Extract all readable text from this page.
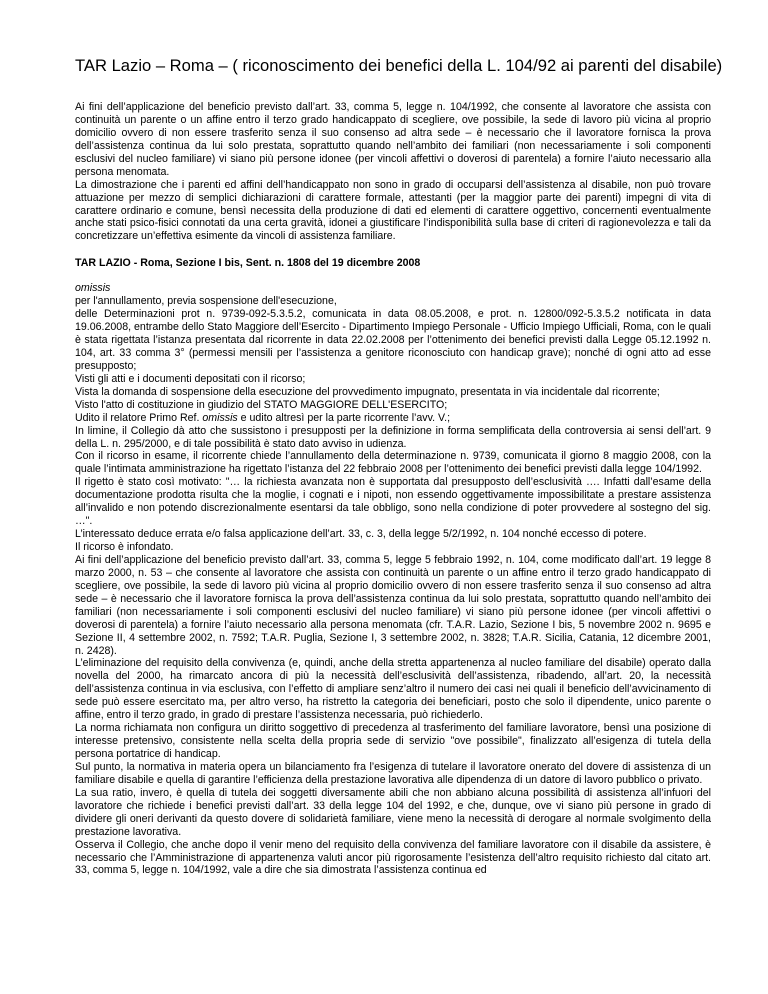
TAR Lazio – Roma – ( riconoscimento dei benefici della L. 104/92 ai parenti del disabile)

Ai fini dell’applicazione del beneficio previsto dall’art. 33, comma 5, legge n. 104/1992, che consente al lavoratore che assista con continuità un parente o un affine entro il terzo grado handicappato di scegliere, ove possibile, la sede di lavoro più vicina al proprio domicilio ovvero di non essere trasferito senza il suo consenso ad altra sede – è necessario che il lavoratore fornisca la prova dell’assistenza continua da lui solo prestata, soprattutto quando nell’ambito dei familiari (non necessariamente i soli componenti esclusivi del nucleo familiare) vi siano più persone idonee (per vincoli affettivi o doverosi di parentela) a fornire l’aiuto necessario alla persona menomata.

La dimostrazione che i parenti ed affini dell’handicappato non sono in grado di occuparsi dell’assistenza al disabile, non può trovare attuazione per mezzo di semplici dichiarazioni di carattere formale, attestanti (per la maggior parte dei parenti) impegni di vita di carattere ordinario e comune, bensì necessita della produzione di dati ed elementi di carattere oggettivo, concernenti eventualmente anche stati psico-fisici connotati da una certa gravità, idonei a giustificare l’indisponibilità sulla base di criteri di ragionevolezza e tali da concretizzare un’effettiva esimente da vincoli di assistenza familiare.

TAR LAZIO - Roma, Sezione I bis, Sent. n. 1808 del 19 dicembre 2008

omissis

per l'annullamento, previa sospensione dell'esecuzione,

delle Determinazioni prot n. 9739-092-5.3.5.2, comunicata in data 08.05.2008, e prot. n. 12800/092-5.3.5.2 notificata in data 19.06.2008, entrambe dello Stato Maggiore dell’Esercito - Dipartimento Impiego Personale - Ufficio Impiego Ufficiali, Roma, con le quali è stata rigettata l’istanza presentata dal ricorrente in data 22.02.2008 per l’ottenimento dei benefici previsti dalla Legge 05.12.1992 n. 104, art. 33 comma 3° (permessi mensili per l’assistenza a genitore riconosciuto con handicap grave); nonché di ogni atto ad esse presupposto;

Visti gli atti e i documenti depositati con il ricorso;

Vista la domanda di sospensione della esecuzione del provvedimento impugnato, presentata in via incidentale dal ricorrente;

Visto l'atto di costituzione in giudizio del STATO MAGGIORE DELL'ESERCITO;

Udito il relatore Primo Ref. omissis e udito altresì per la parte ricorrente l’avv. V.;

In limine, il Collegio dà atto che sussistono i presupposti per la definizione in forma semplificata della controversia ai sensi dell’art. 9 della L. n. 295/2000, e di tale possibilità è stato dato avviso in udienza.

Con il ricorso in esame, il ricorrente chiede l’annullamento della determinazione n. 9739, comunicata il giorno 8 maggio 2008, con la quale l’intimata amministrazione ha rigettato l’istanza del 22 febbraio 2008 per l’ottenimento dei benefici previsti dalla legge 104/1992.

Il rigetto è stato così motivato: "… la richiesta avanzata non è supportata dal presupposto dell’esclusività …. Infatti dall’esame della documentazione prodotta risulta che la moglie, i cognati e i nipoti, non essendo oggettivamente impossibilitate a prestare assistenza all’invalido e non potendo discrezionalmente esentarsi da tale obbligo, sono nella condizione di poter provvedere al sostegno del sig. …".

L’interessato deduce errata e/o falsa applicazione dell’art. 33, c. 3, della legge 5/2/1992, n. 104 nonché eccesso di potere.

Il ricorso è infondato.

Ai fini dell’applicazione del beneficio previsto dall’art. 33, comma 5, legge 5 febbraio 1992, n. 104, come modificato dall’art. 19 legge 8 marzo 2000, n. 53 – che consente al lavoratore che assista con continuità un parente o un affine entro il terzo grado handicappato di scegliere, ove possibile, la sede di lavoro più vicina al proprio domicilio ovvero di non essere trasferito senza il suo consenso ad altra sede – è necessario che il lavoratore fornisca la prova dell’assistenza continua da lui solo prestata, soprattutto quando nell’ambito dei familiari (non necessariamente i soli componenti esclusivi del nucleo familiare) vi siano più persone idonee (per vincoli affettivi o doverosi di parentela) a fornire l’aiuto necessario alla persona menomata (cfr. T.A.R. Lazio, Sezione I bis, 5 novembre 2002 n. 9695 e Sezione II, 4 settembre 2002, n. 7592; T.A.R. Puglia, Sezione I, 3 settembre 2002, n. 3828; T.A.R. Sicilia, Catania, 12 dicembre 2001, n. 2428).

L’eliminazione del requisito della convivenza (e, quindi, anche della stretta appartenenza al nucleo familiare del disabile) operato dalla novella del 2000, ha rimarcato ancora di più la necessità dell’esclusività dell’assistenza, ribadendo, all’art. 20, la necessità dell’assistenza continua in via esclusiva, con l’effetto di ampliare senz’altro il numero dei casi nei quali il beneficio dell’avvicinamento di sede può essere esercitato ma, per altro verso, ha ristretto la categoria dei beneficiari, posto che solo il dipendente, unico parente o affine, entro il terzo grado, in grado di prestare l’assistenza necessaria, può richiederlo.

La norma richiamata non configura un diritto soggettivo di precedenza al trasferimento del familiare lavoratore, bensì una posizione di interesse pretensivo, consistente nella scelta della propria sede di servizio "ove possibile", finalizzato all’esigenza di tutela della persona portatrice di handicap.

Sul punto, la normativa in materia opera un bilanciamento fra l’esigenza di tutelare il lavoratore onerato del dovere di assistenza di un familiare disabile e quella di garantire l’efficienza della prestazione lavorativa alle dipendenza di un datore di lavoro pubblico o privato.

La sua ratio, invero, è quella di tutela dei soggetti diversamente abili che non abbiano alcuna possibilità di assistenza all’infuori del lavoratore che richiede i benefici previsti dall’art. 33 della legge 104 del 1992, e che, dunque, ove vi siano più persone in grado di dividere gli oneri derivanti da questo dovere di solidarietà familiare, viene meno la necessità di derogare al normale svolgimento della prestazione lavorativa.

Osserva il Collegio, che anche dopo il venir meno del requisito della convivenza del familiare lavoratore con il disabile da assistere, è necessario che l’Amministrazione di appartenenza valuti ancor più rigorosamente l’esistenza dell’altro requisito richiesto dal citato art. 33, comma 5, legge n. 104/1992, vale a dire che sia dimostrata l’assistenza continua ed
